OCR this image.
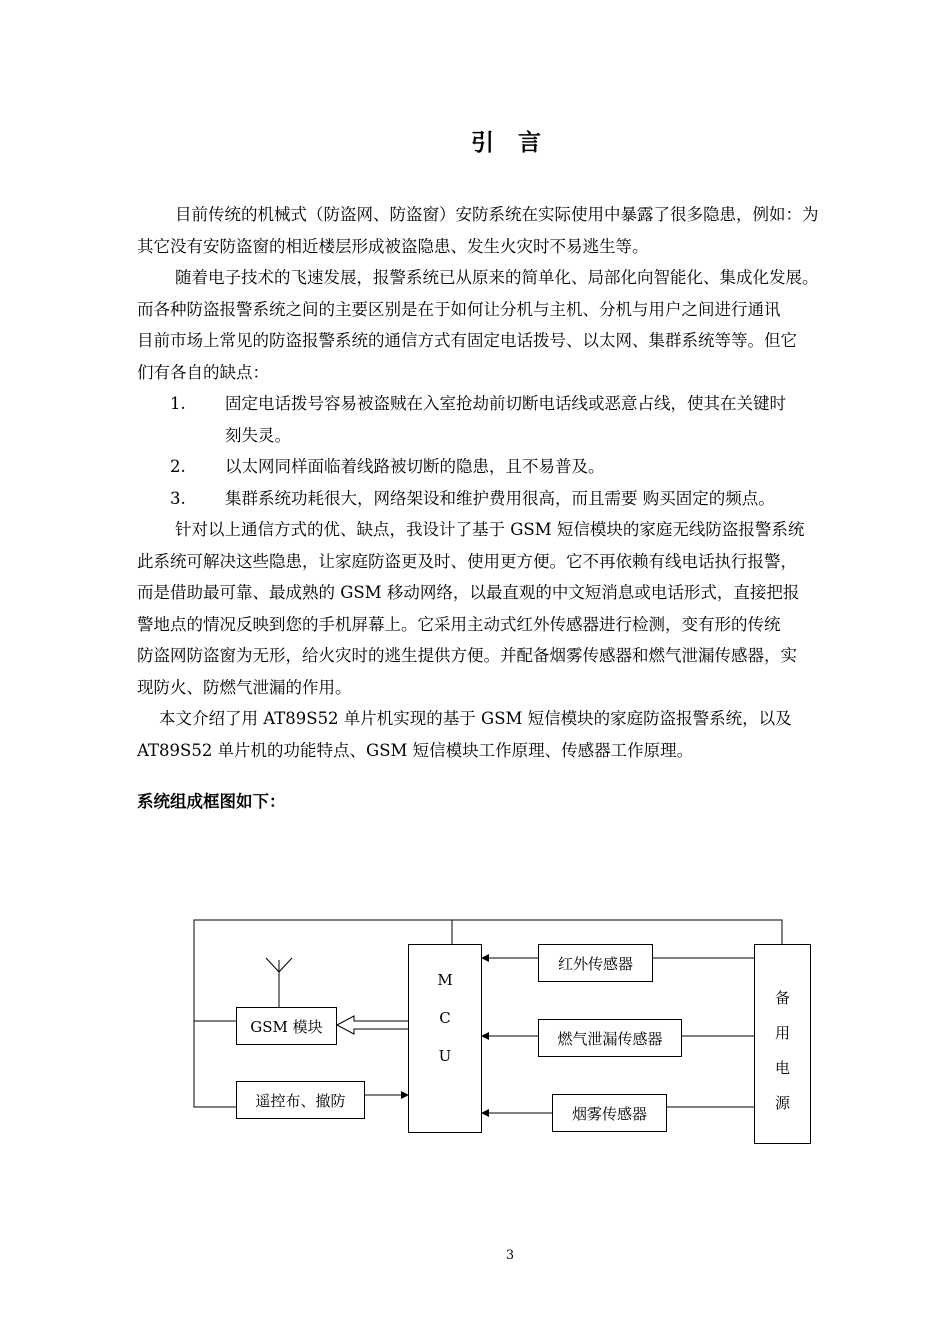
引 言

目前传统的机械式（防盗网、防盗窗）安防系统在实际使用中暴露了很多隐患，例如：为

其它没有安防盗窗的相近楼层形成被盗隐患、发生火灾时不易逃生等。

随着电子技术的飞速发展，报警系统已从原来的简单化、局部化向智能化、集成化发展。

而各种防盗报警系统之间的主要区别是在于如何让分机与主机、分机与用户之间进行通讯

目前市场上常见的防盗报警系统的通信方式有固定电话拨号、以太网、集群系统等等。但它

们有各自的缺点：

1.	固定电话拨号容易被盗贼在入室抢劫前切断电话线或恶意占线，使其在关键时
刻失灵。
2.	以太网同样面临着线路被切断的隐患，且不易普及。
3.	集群系统功耗很大，网络架设和维护费用很高，而且需要 购买固定的频点。

针对以上通信方式的优、缺点，我设计了基于 GSM 短信模块的家庭无线防盗报警系统

此系统可解决这些隐患，让家庭防盗更及时、使用更方便。它不再依赖有线电话执行报警，

而是借助最可靠、最成熟的 GSM 移动网络，以最直观的中文短消息或电话形式，直接把报

警地点的情况反映到您的手机屏幕上。它采用主动式红外传感器进行检测，变有形的传统

防盗网防盗窗为无形，给火灾时的逃生提供方便。并配备烟雾传感器和燃气泄漏传感器，实

现防火、防燃气泄漏的作用。

本文介绍了用 AT89S52 单片机实现的基于 GSM 短信模块的家庭防盗报警系统，以及

AT89S52 单片机的功能特点、GSM 短信模块工作原理、传感器工作原理。

系统组成框图如下：
GSM 模块
遥控布、撤防
M
C
U
红外传感器
燃气泄漏传感器
烟雾传感器
备
用
电
源
3
